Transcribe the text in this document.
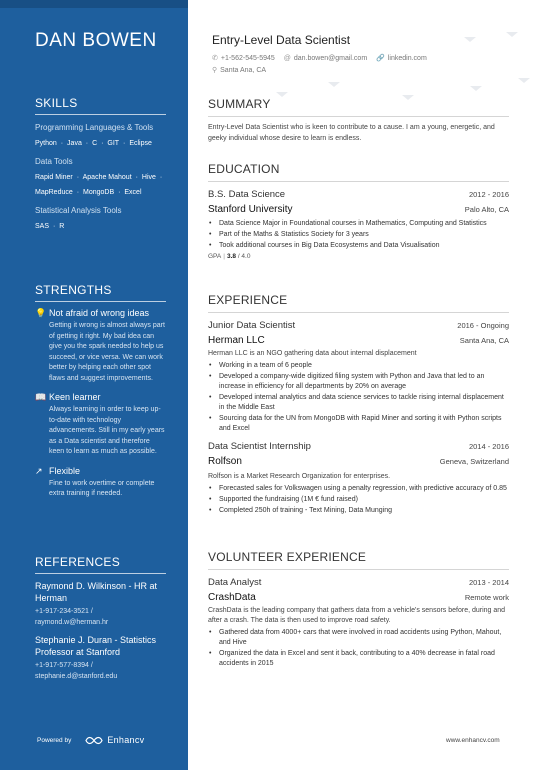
DAN BOWEN
SKILLS
Programming Languages & Tools
Python · Java · C · GIT · Eclipse
Data Tools
Rapid Miner · Apache Mahout · Hive ·
MapReduce · MongoDB · Excel
Statistical Analysis Tools
SAS · R
STRENGTHS
💡 Not afraid of wrong ideas
Getting it wrong is almost always part of getting it right. My bad idea can give you the spark needed to help us succeed, or vice versa. We can work better by helping each other spot flaws and suggest improvements.
📖 Keen learner
Always learning in order to keep up-to-date with technology advancements. Still in my early years as a Data scientist and therefore keen to learn as much as possible.
↗ Flexible
Fine to work overtime or complete extra training if needed.
REFERENCES
Raymond D. Wilkinson - HR at Herman
+1-917-234-3521 /
raymond.w@herman.hr
Stephanie J. Duran - Statistics Professor at Stanford
+1-917-577-8394 /
stephanie.d@stanford.edu
Powered by	Enhancv
Entry-Level Data Scientist
✆ +1-562-545-5945 @ dan.bowen@gmail.com 🔗 linkedin.com
⚲ Santa Ana, CA
SUMMARY
Entry-Level Data Scientist who is keen to contribute to a cause. I am a young, energetic, and geeky individual whose desire to learn is endless.
EDUCATION
B.S. Data Science	2012 - 2016
Stanford University	Palo Alto, CA
• Data Science Major in Foundational courses in Mathematics, Computing and Statistics
• Part of the Maths & Statistics Society for 3 years
• Took additional courses in Big Data Ecosystems and Data Visualisation
GPA | 3.8 / 4.0
EXPERIENCE
Junior Data Scientist	2016 - Ongoing
Herman LLC	Santa Ana, CA
Herman LLC is an NGO gathering data about internal displacement
• Working in a team of 6 people
• Developed a company-wide digitized filing system with Python and Java that led to an increase in efficiency for all departments by 20% on average
• Developed internal analytics and data science services to tackle rising internal displacement in the Middle East
• Sourcing data for the UN from MongoDB with Rapid Miner and sorting it with Python scripts and Excel
Data Scientist Internship	2014 - 2016
Rolfson	Geneva, Switzerland
Rolfson is a Market Research Organization for enterprises.
• Forecasted sales for Volkswagen using a penalty regression, with predictive accuracy of 0.85
• Supported the fundraising (1M € fund raised)
• Completed 250h of training - Text Mining, Data Munging
VOLUNTEER EXPERIENCE
Data Analyst	2013 - 2014
CrashData	Remote work
CrashData is the leading company that gathers data from a vehicle's sensors before, during and after a crash. The data is then used to improve road safety.
• Gathered data from 4000+ cars that were involved in road accidents using Python, Mahout, and Hive
• Organized the data in Excel and sent it back, contributing to a 40% decrease in fatal road accidents in 2015
www.enhancv.com
